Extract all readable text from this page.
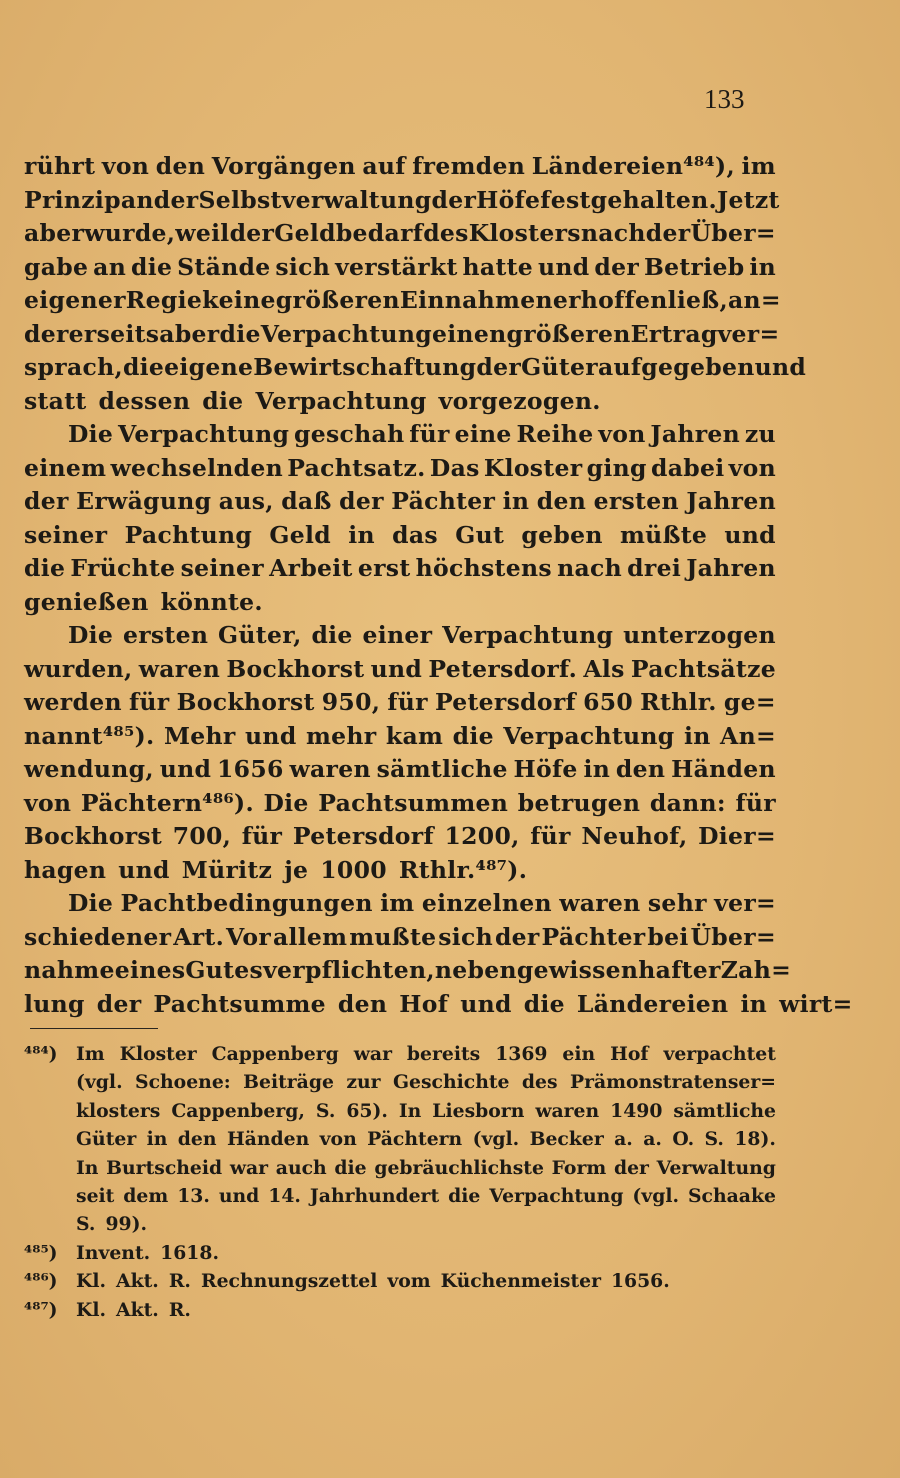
133
rührt von den Vorgängen auf fremden Ländereien⁴⁸⁴), im
Prinzip an der Selbstverwaltung der Höfe festgehalten. Jetzt
aber wurde, weil der Geldbedarf des Klosters nach der Über=
gabe an die Stände sich verstärkt hatte und der Betrieb in
eigener Regie keine größeren Einnahmen erhoffen ließ, an=
dererseits aber die Verpachtung einen größeren Ertrag ver=
sprach, die eigene Bewirtschaftung der Güter aufgegeben und
statt dessen die Verpachtung vorgezogen.
Die Verpachtung geschah für eine Reihe von Jahren zu
einem wechselnden Pachtsatz. Das Kloster ging dabei von
der Erwägung aus, daß der Pächter in den ersten Jahren
seiner Pachtung Geld in das Gut geben müßte und
die Früchte seiner Arbeit erst höchstens nach drei Jahren
genießen könnte.
Die ersten Güter, die einer Verpachtung unterzogen
wurden, waren Bockhorst und Petersdorf. Als Pachtsätze
werden für Bockhorst 950, für Petersdorf 650 Rthlr. ge=
nannt⁴⁸⁵). Mehr und mehr kam die Verpachtung in An=
wendung, und 1656 waren sämtliche Höfe in den Händen
von Pächtern⁴⁸⁶). Die Pachtsummen betrugen dann: für
Bockhorst 700, für Petersdorf 1200, für Neuhof, Dier=
hagen und Müritz je 1000 Rthlr.⁴⁸⁷).
Die Pachtbedingungen im einzelnen waren sehr ver=
schiedener Art. Vor allem mußte sich der Pächter bei Über=
nahme eines Gutes verpflichten, neben gewissenhafter Zah=
lung der Pachtsumme den Hof und die Ländereien in wirt=
⁴⁸⁴) Im Kloster Cappenberg war bereits 1369 ein Hof verpachtet
(vgl. Schoene: Beiträge zur Geschichte des Prämonstratenser=
klosters Cappenberg, S. 65). In Liesborn waren 1490 sämtliche
Güter in den Händen von Pächtern (vgl. Becker a. a. O. S. 18).
In Burtscheid war auch die gebräuchlichste Form der Verwaltung
seit dem 13. und 14. Jahrhundert die Verpachtung (vgl. Schaake
S. 99).
⁴⁸⁵) Invent. 1618.
⁴⁸⁶) Kl. Akt. R. Rechnungszettel vom Küchenmeister 1656.
⁴⁸⁷) Kl. Akt. R.
